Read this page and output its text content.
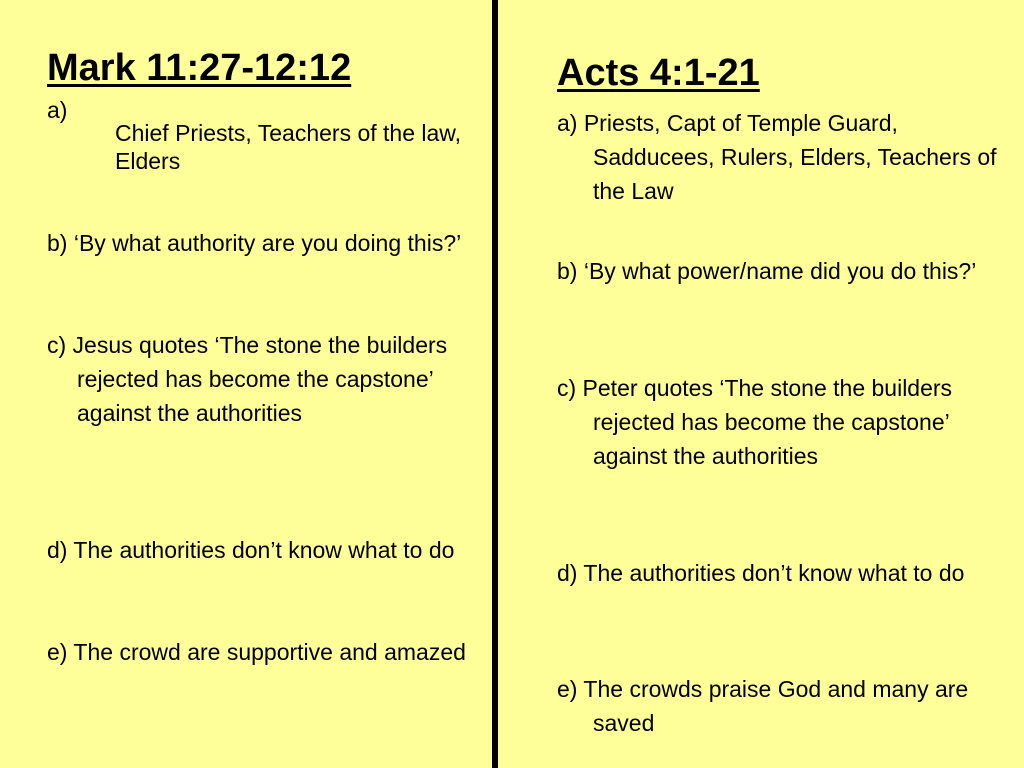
Mark 11:27-12:12
a)

Chief Priests, Teachers of the law, Elders

b) ‘By what authority are you doing this?’

c) Jesus quotes ‘The stone the builders rejected has become the capstone’ against the authorities

d) The authorities don’t know what to do

e) The crowd are supportive and amazed

Acts 4:1-21

a) Priests, Capt of Temple Guard, Sadducees, Rulers, Elders, Teachers of the Law

b) ‘By what power/name did you do this?’

c) Peter quotes ‘The stone the builders rejected has become the capstone’ against the authorities

d) The authorities don’t know what to do

e) The crowds praise God and many are saved
